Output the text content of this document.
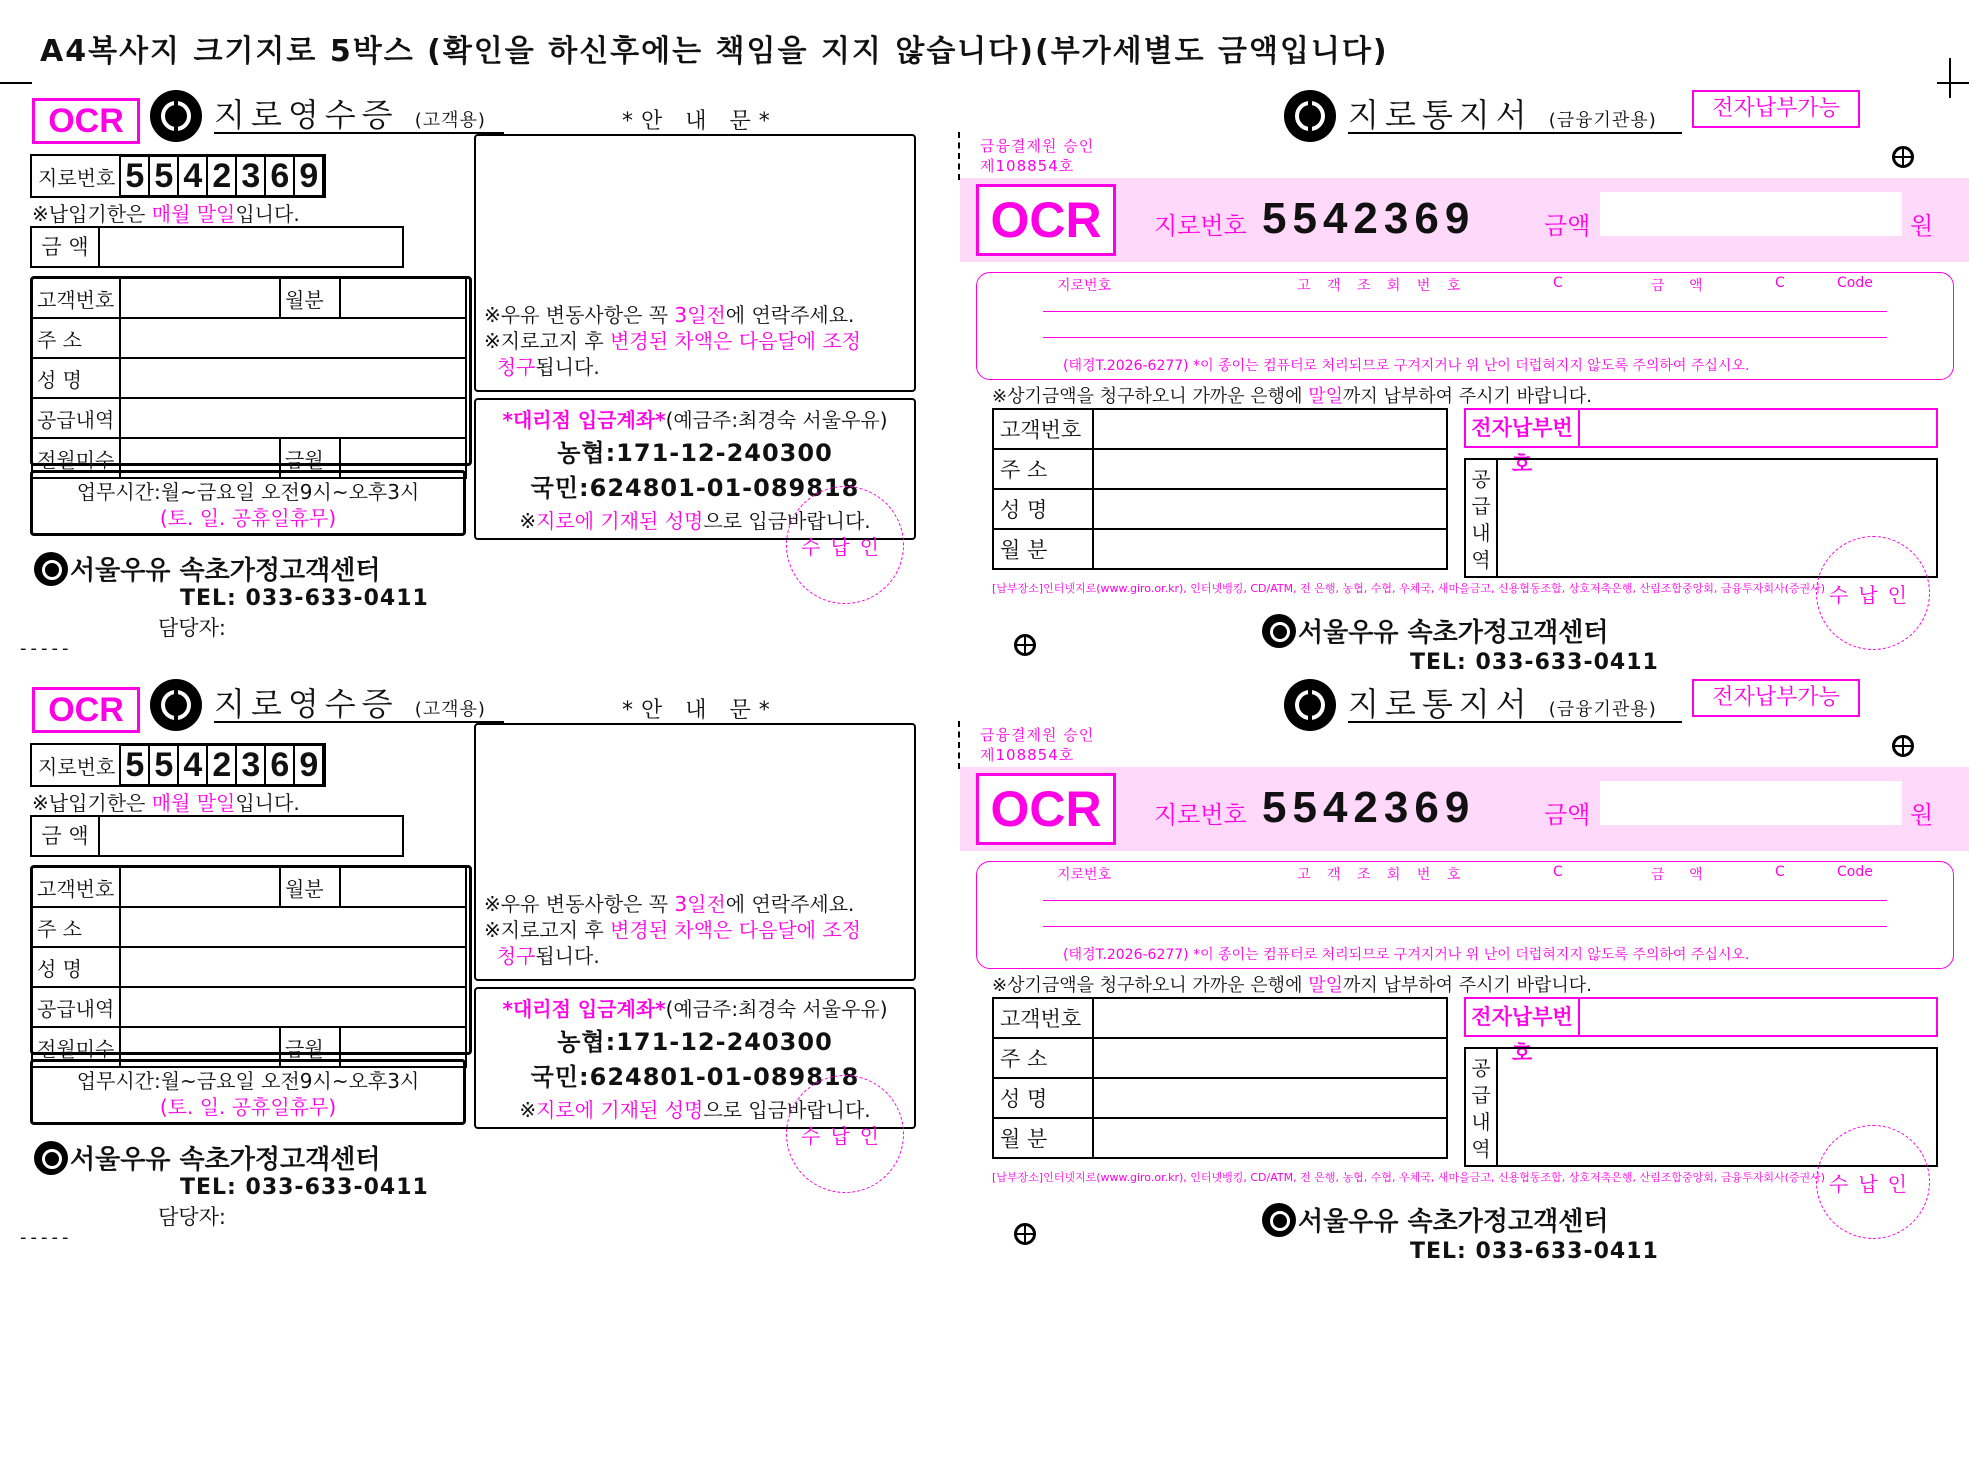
A4복사지 크기지로 5박스 (확인을 하신후에는 책임을 지지 않습니다)(부가세별도 금액입니다)
OCR	지로영수증 (고객용)
지로번호 5 5 4 2 3 6 9
※납입기한은 매월 말일입니다.
금 액
고객번호		월분	
주 소			
성 명			
공급내역			
전월미수		금월	
업무시간:월~금요일 오전9시~오후3시
(토. 일. 공휴일휴무)
서울우유 속초가정고객센터
TEL: 033-633-0411
담당자:
-----
*안 내 문*
※우유 변동사항은 꼭 3일전에 연락주세요.
※지로고지 후 변경된 차액은 다음달에 조정
청구됩니다.
*대리점 입금계좌*(예금주:최경숙 서울우유)
농협:171-12-240300
국민:624801-01-089818
※지로에 기재된 성명으로 입금바랍니다.
수납인
금융결제원 승인
제108854호
지로통지서 (금융기관용)	전자납부가능
OCR	지로번호 5542369	금액	원
지로번호	고 객 조 회 번 호	C	금 액	C	Code
(태경T.2026-6277) *이 종이는 컴퓨터로 처리되므로 구겨지거나 위 난이 더럽혀지지 않도록 주의하여 주십시오.
※상기금액을 청구하오니 가까운 은행에 말일까지 납부하여 주시기 바랍니다.
고객번호	
주 소	
성 명	
월 분	
전자납부번호
공급내역
[납부장소]인터넷지로(www.giro.or.kr), 인터넷뱅킹, CD/ATM, 전 은행, 농협, 수협, 우체국, 새마을금고, 신용협동조합, 상호저축은행, 산림조합중앙회, 금융투자회사(증권사) 수납인
서울우유 속초가정고객센터
TEL: 033-633-0411
OCR	지로영수증 (고객용)
지로번호 5 5 4 2 3 6 9
※납입기한은 매월 말일입니다.
금 액
고객번호		월분	
주 소			
성 명			
공급내역			
전월미수		금월	
업무시간:월~금요일 오전9시~오후3시
(토. 일. 공휴일휴무)
서울우유 속초가정고객센터
TEL: 033-633-0411
담당자:
-----
*안 내 문*
※우유 변동사항은 꼭 3일전에 연락주세요.
※지로고지 후 변경된 차액은 다음달에 조정
청구됩니다.
*대리점 입금계좌*(예금주:최경숙 서울우유)
농협:171-12-240300
국민:624801-01-089818
※지로에 기재된 성명으로 입금바랍니다.
수납인
금융결제원 승인
제108854호
지로통지서 (금융기관용)	전자납부가능
OCR	지로번호 5542369	금액	원
지로번호	고 객 조 회 번 호	C	금 액	C	Code
(태경T.2026-6277) *이 종이는 컴퓨터로 처리되므로 구겨지거나 위 난이 더럽혀지지 않도록 주의하여 주십시오.
※상기금액을 청구하오니 가까운 은행에 말일까지 납부하여 주시기 바랍니다.
고객번호	
주 소	
성 명	
월 분	
전자납부번호
공급내역
[납부장소]인터넷지로(www.giro.or.kr), 인터넷뱅킹, CD/ATM, 전 은행, 농협, 수협, 우체국, 새마을금고, 신용협동조합, 상호저축은행, 산림조합중앙회, 금융투자회사(증권사) 수납인
서울우유 속초가정고객센터
TEL: 033-633-0411
